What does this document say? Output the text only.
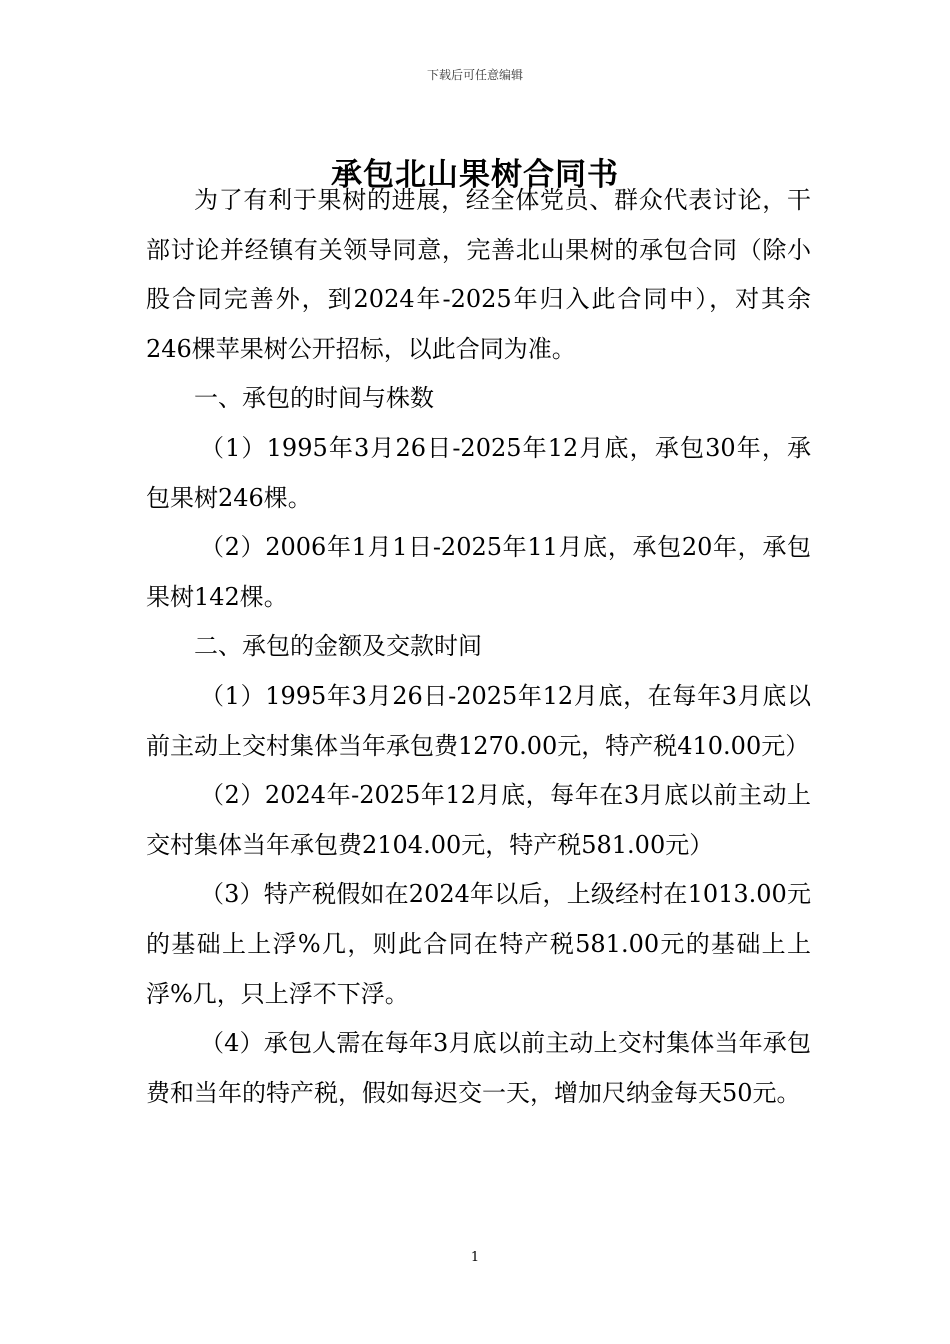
下载后可任意编辑
承包北山果树合同书

为了有利于果树的进展，经全体党员、群众代表讨论，干部讨论并经镇有关领导同意，完善北山果树的承包合同（除小股合同完善外，到2024年-2025年归入此合同中），对其余246棵苹果树公开招标，以此合同为准。

一、承包的时间与株数

（1）1995年3月26日-2025年12月底，承包30年，承包果树246棵。

（2）2006年1月1日-2025年11月底，承包20年，承包果树142棵。

二、承包的金额及交款时间

（1）1995年3月26日-2025年12月底，在每年3月底以前主动上交村集体当年承包费1270.00元，特产税410.00元）

（2）2024年-2025年12月底，每年在3月底以前主动上交村集体当年承包费2104.00元，特产税581.00元）

（3）特产税假如在2024年以后，上级经村在1013.00元的基础上上浮%几，则此合同在特产税581.00元的基础上上浮%几，只上浮不下浮。

（4）承包人需在每年3月底以前主动上交村集体当年承包费和当年的特产税，假如每迟交一天，增加尺纳金每天50元。

1
